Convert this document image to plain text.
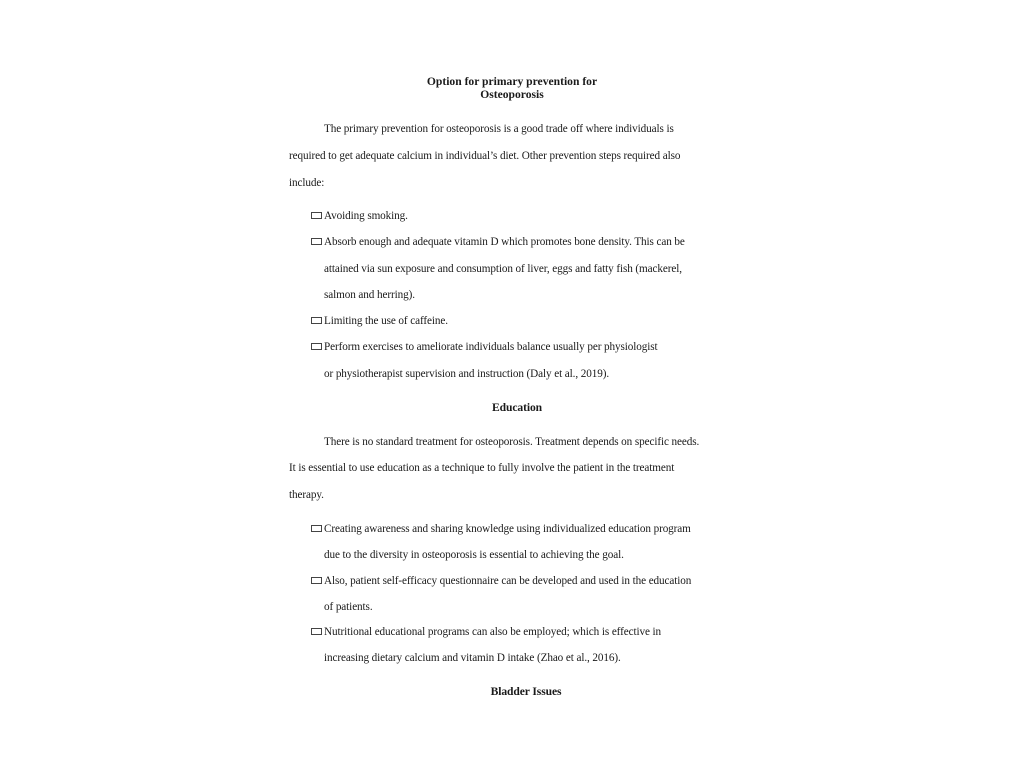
Option for primary prevention for
Osteoporosis
The primary prevention for osteoporosis is a good trade off where individuals is
required to get adequate calcium in individual’s diet. Other prevention steps required also
include:
Avoiding smoking.
Absorb enough and adequate vitamin D which promotes bone density. This can be
attained via sun exposure and consumption of liver, eggs and fatty fish (mackerel,
salmon and herring).
Limiting the use of caffeine.
Perform exercises to ameliorate individuals balance usually per physiologist
or physiotherapist supervision and instruction (Daly et al., 2019).
Education
There is no standard treatment for osteoporosis. Treatment depends on specific needs.
It is essential to use education as a technique to fully involve the patient in the treatment
therapy.
Creating awareness and sharing knowledge using individualized education program
due to the diversity in osteoporosis is essential to achieving the goal.
Also, patient self-efficacy questionnaire can be developed and used in the education
of patients.
Nutritional educational programs can also be employed; which is effective in
increasing dietary calcium and vitamin D intake (Zhao et al., 2016).
Bladder Issues
